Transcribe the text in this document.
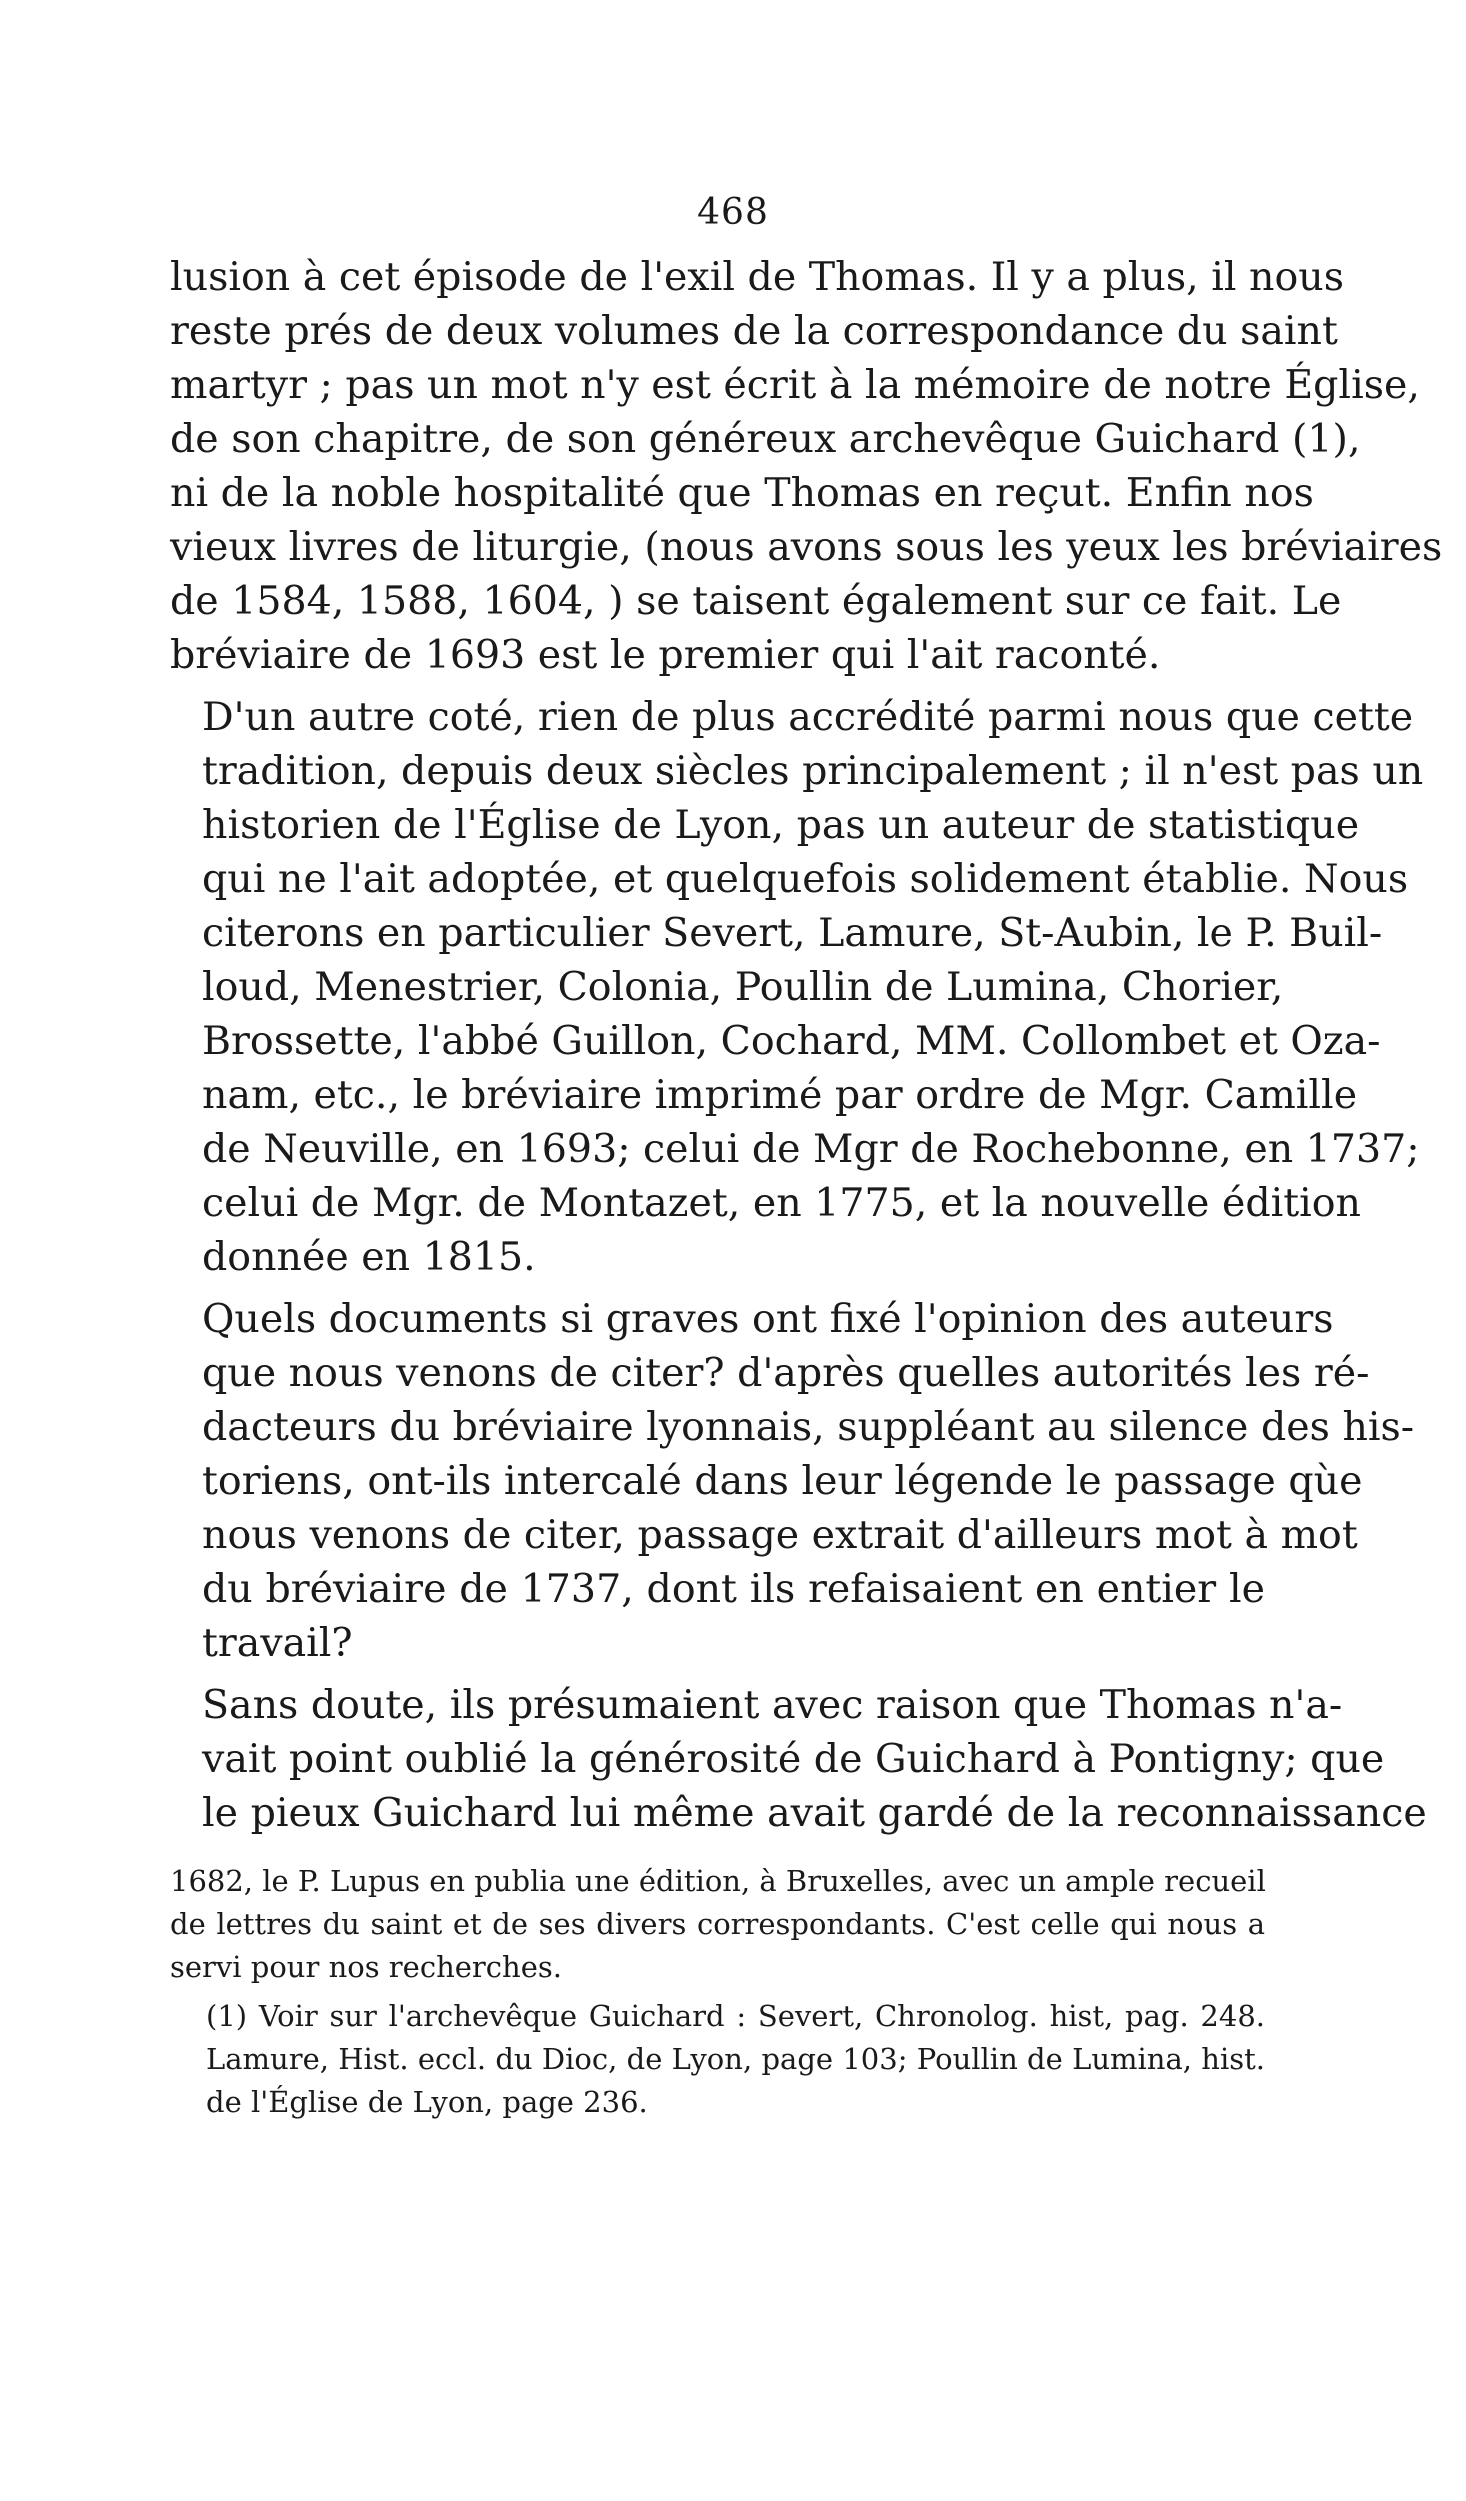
468

lusion à cet épisode de l'exil de Thomas. Il y a plus, il nous
reste prés de deux volumes de la correspondance du saint
martyr ; pas un mot n'y est écrit à la mémoire de notre Église,
de son chapitre, de son généreux archevêque Guichard (1),
ni de la noble hospitalité que Thomas en reçut. Enfin nos
vieux livres de liturgie, (nous avons sous les yeux les bréviaires
de 1584, 1588, 1604, ) se taisent également sur ce fait. Le
bréviaire de 1693 est le premier qui l'ait raconté.

D'un autre coté, rien de plus accrédité parmi nous que cette
tradition, depuis deux siècles principalement ; il n'est pas un
historien de l'Église de Lyon, pas un auteur de statistique
qui ne l'ait adoptée, et quelquefois solidement établie. Nous
citerons en particulier Severt, Lamure, St-Aubin, le P. Buil-
loud, Menestrier, Colonia, Poullin de Lumina, Chorier,
Brossette, l'abbé Guillon, Cochard, MM. Collombet et Oza-
nam, etc., le bréviaire imprimé par ordre de Mgr. Camille
de Neuville, en 1693; celui de Mgr de Rochebonne, en 1737;
celui de Mgr. de Montazet, en 1775, et la nouvelle édition
donnée en 1815.

Quels documents si graves ont fixé l'opinion des auteurs
que nous venons de citer? d'après quelles autorités les ré-
dacteurs du bréviaire lyonnais, suppléant au silence des his-
toriens, ont-ils intercalé dans leur légende le passage qùe
nous venons de citer, passage extrait d'ailleurs mot à mot
du bréviaire de 1737, dont ils refaisaient en entier le
travail?

Sans doute, ils présumaient avec raison que Thomas n'a-
vait point oublié la générosité de Guichard à Pontigny; que
le pieux Guichard lui même avait gardé de la reconnaissance

1682, le P. Lupus en publia une édition, à Bruxelles, avec un ample recueil
de lettres du saint et de ses divers correspondants. C'est celle qui nous a
servi pour nos recherches.

(1) Voir sur l'archevêque Guichard : Severt, Chronolog. hist, pag. 248.
Lamure, Hist. eccl. du Dioc, de Lyon, page 103; Poullin de Lumina, hist.
de l'Église de Lyon, page 236.
